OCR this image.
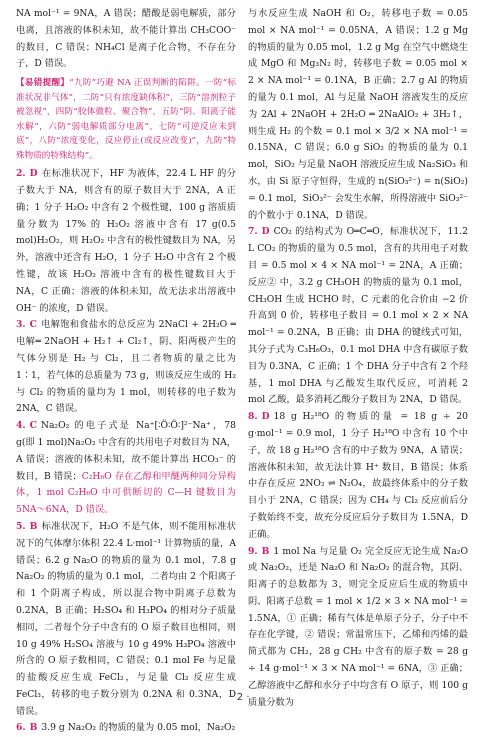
NA mol⁻¹ = 9NA，A 错误；醋酸是弱电解质，部分电离，且溶液的体积未知，故不能计算出 CH₃COO⁻ 的数目，C 错误；NH₄Cl 是离子化合物，不存在分子，D 错误。

【易错提醒】“九防”巧避 NA 正误判断的陷阱。一防“标准状况非气体”，二防“只有浓度缺体积”，三防“溶剂粒子被忽视”，四防“胶体微粒、聚合物”，五防“阴、阳离子能水解”，六防“弱电解质部分电离”，七防“可逆反应未到底”，八防“浓度变化，反应停止(或反应改变)”，九防“特殊物质的特殊结构”。

2. D 在标准状况下，HF 为液体，22.4 L HF 的分子数大于 NA，则含有的原子数目大于 2NA，A 正确；1 分子 H₂O₂ 中含有 2 个极性键，100 g 溶质质量分数为 17% 的 H₂O₂ 溶液中含有 17 g(0.5 mol)H₂O₂，则 H₂O₂ 中含有的极性键数目为 NA，另外，溶液中还含有 H₂O，1 分子 H₂O 中含有 2 个极性键，故该 H₂O₂ 溶液中含有的极性键数目大于 NA，C 正确；溶液的体积未知，故无法求出溶液中 OH⁻ 的浓度，D 错误。

3. C 电解饱和食盐水的总反应为 2NaCl + 2H₂O ═电解═ 2NaOH + H₂↑ + Cl₂↑，阴、阳两极产生的气体分别是 H₂ 与 Cl₂，且二者物质的量之比为 1∶1，若气体的总质量为 73 g，则该反应生成的 H₂ 与 Cl₂ 的物质的量均为 1 mol，则转移的电子数为 2NA，C 错误。

4. C Na₂O₂ 的电子式是 Na⁺[∶Ö∶Ö∶]²⁻Na⁺，78 g(即 1 mol)Na₂O₂ 中含有的共用电子对数目为 NA，A 错误；溶液的体积未知，故不能计算出 HCO₃⁻ 的数目，B 错误；C₂H₆O 存在乙醇和甲醚两种同分异构体，1 mol C₂H₆O 中可供断切的 C—H 键数目为 5NA～6NA，D 错误。

5. B 标准状况下，H₂O 不是气体，则不能用标准状况下的气体摩尔体积 22.4 L·mol⁻¹ 计算物质的量，A 错误；6.2 g Na₂O 的物质的量为 0.1 mol，7.8 g Na₂O₂ 的物质的量为 0.1 mol，二者均由 2 个阳离子和 1 个阴离子构成，所以混合物中阴离子总数为 0.2NA，B 正确；H₂SO₄ 和 H₃PO₄ 的相对分子质量相同，二者每个分子中含有的 O 原子数目也相同，则 10 g 49% H₂SO₄ 溶液与 10 g 49% H₃PO₄ 溶液中所含的 O 原子数相同，C 错误；0.1 mol Fe 与足量的盐酸反应生成 FeCl₂，与足量 Cl₂ 反应生成 FeCl₃，转移的电子数分别为 0.2NA 和 0.3NA，D 错误。

6. B 3.9 g Na₂O₂ 的物质的量为 0.05 mol，Na₂O₂

与水反应生成 NaOH 和 O₂，转移电子数 = 0.05 mol × NA mol⁻¹ = 0.05NA，A 错误；1.2 g Mg 的物质的量为 0.05 mol，1.2 g Mg 在空气中燃烧生成 MgO 和 Mg₃N₂ 时，转移电子数 = 0.05 mol × 2 × NA mol⁻¹ = 0.1NA，B 正确；2.7 g Al 的物质的量为 0.1 mol，Al 与足量 NaOH 溶液发生的反应为 2Al + 2NaOH + 2H₂O ═ 2NaAlO₂ + 3H₂↑，则生成 H₂ 的个数 = 0.1 mol × 3/2 × NA mol⁻¹ = 0.15NA，C 错误；6.0 g SiO₂ 的物质的量为 0.1 mol，SiO₂ 与足量 NaOH 溶液反应生成 Na₂SiO₃ 和水，由 Si 原子守恒得，生成的 n(SiO₃²⁻) = n(SiO₂) = 0.1 mol，SiO₃²⁻ 会发生水解，所得溶液中 SiO₃²⁻ 的个数小于 0.1NA，D 错误。

7. D CO₂ 的结构式为 O═C═O，标准状况下，11.2 L CO₂ 的物质的量为 0.5 mol，含有的共用电子对数目 = 0.5 mol × 4 × NA mol⁻¹ = 2NA，A 正确；反应② 中，3.2 g CH₃OH 的物质的量为 0.1 mol，CH₃OH 生成 HCHO 时，C 元素的化合价由 −2 价升高到 0 价，转移电子数目 = 0.1 mol × 2 × NA mol⁻¹ = 0.2NA，B 正确；由 DHA 的键线式可知，其分子式为 C₃H₆O₃，0.1 mol DHA 中含有碳原子数目为 0.3NA，C 正确；1 个 DHA 分子中含有 2 个羟基，1 mol DHA 与乙酸发生取代反应，可消耗 2 mol 乙酸，最多消耗乙酸分子数目为 2NA，D 错误。

8. D 18 g H₂¹⁸O 的物质的量 = 18 g ÷ 20 g·mol⁻¹ = 0.9 mol，1 分子 H₂¹⁸O 中含有 10 个中子，故 18 g H₂¹⁸O 含有的中子数为 9NA，A 错误；溶液体积未知，故无法计算 H⁺ 数目，B 错误；体系中存在反应 2NO₂ ⇌ N₂O₄，故最终体系中的分子数目小于 2NA，C 错误；因为 CH₄ 与 Cl₂ 反应前后分子数始终不变，故充分反应后分子数目为 1.5NA，D 正确。

9. B 1 mol Na 与足量 O₂ 完全反应无论生成 Na₂O 或 Na₂O₂，还是 Na₂O 和 Na₂O₂ 的混合物，其阴、阳离子的总数都为 3，则完全反应后生成的物质中阴、阳离子总数 = 1 mol × 1/2 × 3 × NA mol⁻¹ = 1.5NA，① 正确；稀有气体是单原子分子，分子中不存在化学键，② 错误；常温常压下，乙烯和丙烯的最简式都为 CH₂，28 g CH₂ 中含有的原子数 = 28 g ÷ 14 g·mol⁻¹ × 3 × NA mol⁻¹ = 6NA，③ 正确；乙醇溶液中乙醇和水分子中均含有 O 原子，则 100 g 质量分数为

· 2 ·
